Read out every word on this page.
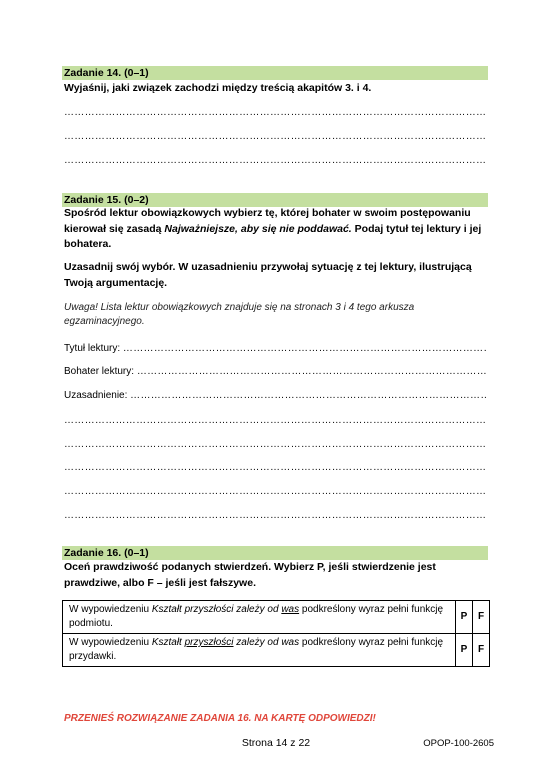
Zadanie 14. (0–1)
Wyjaśnij, jaki związek zachodzi między treścią akapitów 3. i 4.
…………………………………………………………………………………………………………………………………………………………………………
…………………………………………………………………………………………………………………………………………………………………………
…………………………………………………………………………………………………………………………………………………………………………
Zadanie 15. (0–2)
Spośród lektur obowiązkowych wybierz tę, której bohater w swoim postępowaniu kierował się zasadą Najważniejsze, aby się nie poddawać. Podaj tytuł tej lektury i jej bohatera.
Uzasadnij swój wybór. W uzasadnieniu przywołaj sytuację z tej lektury, ilustrującą Twoją argumentację.
Uwaga! Lista lektur obowiązkowych znajduje się na stronach 3 i 4 tego arkusza egzaminacyjnego.
Tytuł lektury: …………………………………………………………………………………………………………………………………………………………
Bohater lektury: …………………………………………………………………………………………………………………………………………………………
Uzasadnienie: …………………………………………………………………………………………………………………………………………………………
…………………………………………………………………………………………………………………………………………………………………………
…………………………………………………………………………………………………………………………………………………………………………
…………………………………………………………………………………………………………………………………………………………………………
…………………………………………………………………………………………………………………………………………………………………………
…………………………………………………………………………………………………………………………………………………………………………
Zadanie 16. (0–1)
Oceń prawdziwość podanych stwierdzeń. Wybierz P, jeśli stwierdzenie jest prawdziwe, albo F – jeśli jest fałszywe.
W wypowiedzeniu Kształt przyszłości zależy od was podkreślony wyraz pełni funkcję podmiotu.	P	F
W wypowiedzeniu Kształt przyszłości zależy od was podkreślony wyraz pełni funkcję przydawki.	P	F
PRZENIEŚ ROZWIĄZANIE ZADANIA 16. NA KARTĘ ODPOWIEDZI!
Strona 14 z 22	OPOP-100-2605
